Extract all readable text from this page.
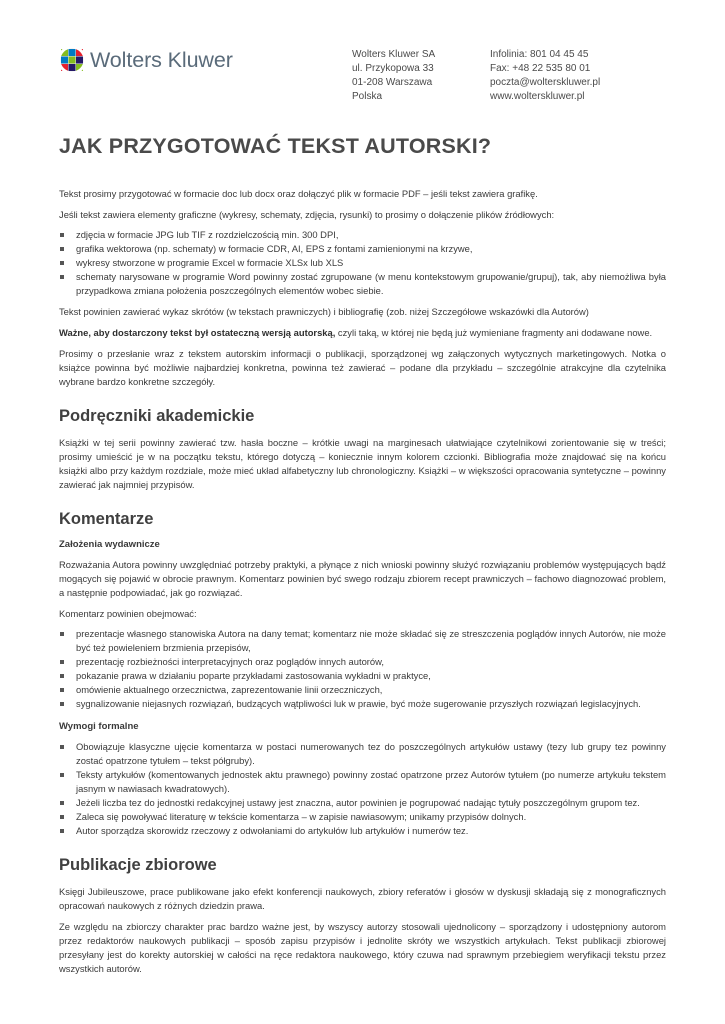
Wolters Kluwer	Wolters Kluwer SA
ul. Przykopowa 33
01-208 Warszawa
Polska
Infolinia: 801 04 45 45
Fax: +48 22 535 80 01
poczta@wolterskluwer.pl
www.wolterskluwer.pl
JAK PRZYGOTOWAĆ TEKST AUTORSKI?

Tekst prosimy przygotować w formacie doc lub docx oraz dołączyć plik w formacie PDF – jeśli tekst zawiera grafikę.

Jeśli tekst zawiera elementy graficzne (wykresy, schematy, zdjęcia, rysunki) to prosimy o dołączenie plików źródłowych:

zdjęcia w formacie JPG lub TIF z rozdzielczością min. 300 DPI,
grafika wektorowa (np. schematy) w formacie CDR, AI, EPS z fontami zamienionymi na krzywe,
wykresy stworzone w programie Excel w formacie XLSx lub XLS
schematy narysowane w programie Word powinny zostać zgrupowane (w menu kontekstowym grupowanie/grupuj), tak, aby niemożliwa była przypadkowa zmiana położenia poszczególnych elementów wobec siebie.

Tekst powinien zawierać wykaz skrótów (w tekstach prawniczych) i bibliografię (zob. niżej Szczegółowe wskazówki dla Autorów)

Ważne, aby dostarczony tekst był ostateczną wersją autorską, czyli taką, w której nie będą już wymieniane fragmenty ani dodawane nowe.

Prosimy o przesłanie wraz z tekstem autorskim informacji o publikacji, sporządzonej wg załączonych wytycznych marketingowych. Notka o książce powinna być możliwie najbardziej konkretna, powinna też zawierać – podane dla przykładu – szczególnie atrakcyjne dla czytelnika wybrane bardzo konkretne szczegóły.

Podręczniki akademickie

Książki w tej serii powinny zawierać tzw. hasła boczne – krótkie uwagi na marginesach ułatwiające czytelnikowi zorientowanie się w treści; prosimy umieścić je w na początku tekstu, którego dotyczą – koniecznie innym kolorem czcionki. Bibliografia może znajdować się na końcu książki albo przy każdym rozdziale, może mieć układ alfabetyczny lub chronologiczny. Książki – w większości opracowania syntetyczne – powinny zawierać jak najmniej przypisów.

Komentarze
Założenia wydawnicze

Rozważania Autora powinny uwzględniać potrzeby praktyki, a płynące z nich wnioski powinny służyć rozwiązaniu problemów występujących bądź mogących się pojawić w obrocie prawnym. Komentarz powinien być swego rodzaju zbiorem recept prawniczych – fachowo diagnozować problem, a następnie podpowiadać, jak go rozwiązać.

Komentarz powinien obejmować:

prezentacje własnego stanowiska Autora na dany temat; komentarz nie może składać się ze streszczenia poglądów innych Autorów, nie może być też powieleniem brzmienia przepisów,
prezentację rozbieżności interpretacyjnych oraz poglądów innych autorów,
pokazanie prawa w działaniu poparte przykładami zastosowania wykładni w praktyce,
omówienie aktualnego orzecznictwa, zaprezentowanie linii orzeczniczych,
sygnalizowanie niejasnych rozwiązań, budzących wątpliwości luk w prawie, być może sugerowanie przyszłych rozwiązań legislacyjnych.
Wymogi formalne
Obowiązuje klasyczne ujęcie komentarza w postaci numerowanych tez do poszczególnych artykułów ustawy (tezy lub grupy tez powinny zostać opatrzone tytułem – tekst półgruby).
Teksty artykułów (komentowanych jednostek aktu prawnego) powinny zostać opatrzone przez Autorów tytułem (po numerze artykułu tekstem jasnym w nawiasach kwadratowych).
Jeżeli liczba tez do jednostki redakcyjnej ustawy jest znaczna, autor powinien je pogrupować nadając tytuły poszczególnym grupom tez.
Zaleca się powoływać literaturę w tekście komentarza – w zapisie nawiasowym; unikamy przypisów dolnych.
Autor sporządza skorowidz rzeczowy z odwołaniami do artykułów lub artykułów i numerów tez.
Publikacje zbiorowe

Księgi Jubileuszowe, prace publikowane jako efekt konferencji naukowych, zbiory referatów i głosów w dyskusji składają się z monograficznych opracowań naukowych z różnych dziedzin prawa.

Ze względu na zbiorczy charakter prac bardzo ważne jest, by wszyscy autorzy stosowali ujednolicony – sporządzony i udostępniony autorom przez redaktorów naukowych publikacji – sposób zapisu przypisów i jednolite skróty we wszystkich artykułach. Tekst publikacji zbiorowej przesyłany jest do korekty autorskiej w całości na ręce redaktora naukowego, który czuwa nad sprawnym przebiegiem weryfikacji tekstu przez wszystkich autorów.
